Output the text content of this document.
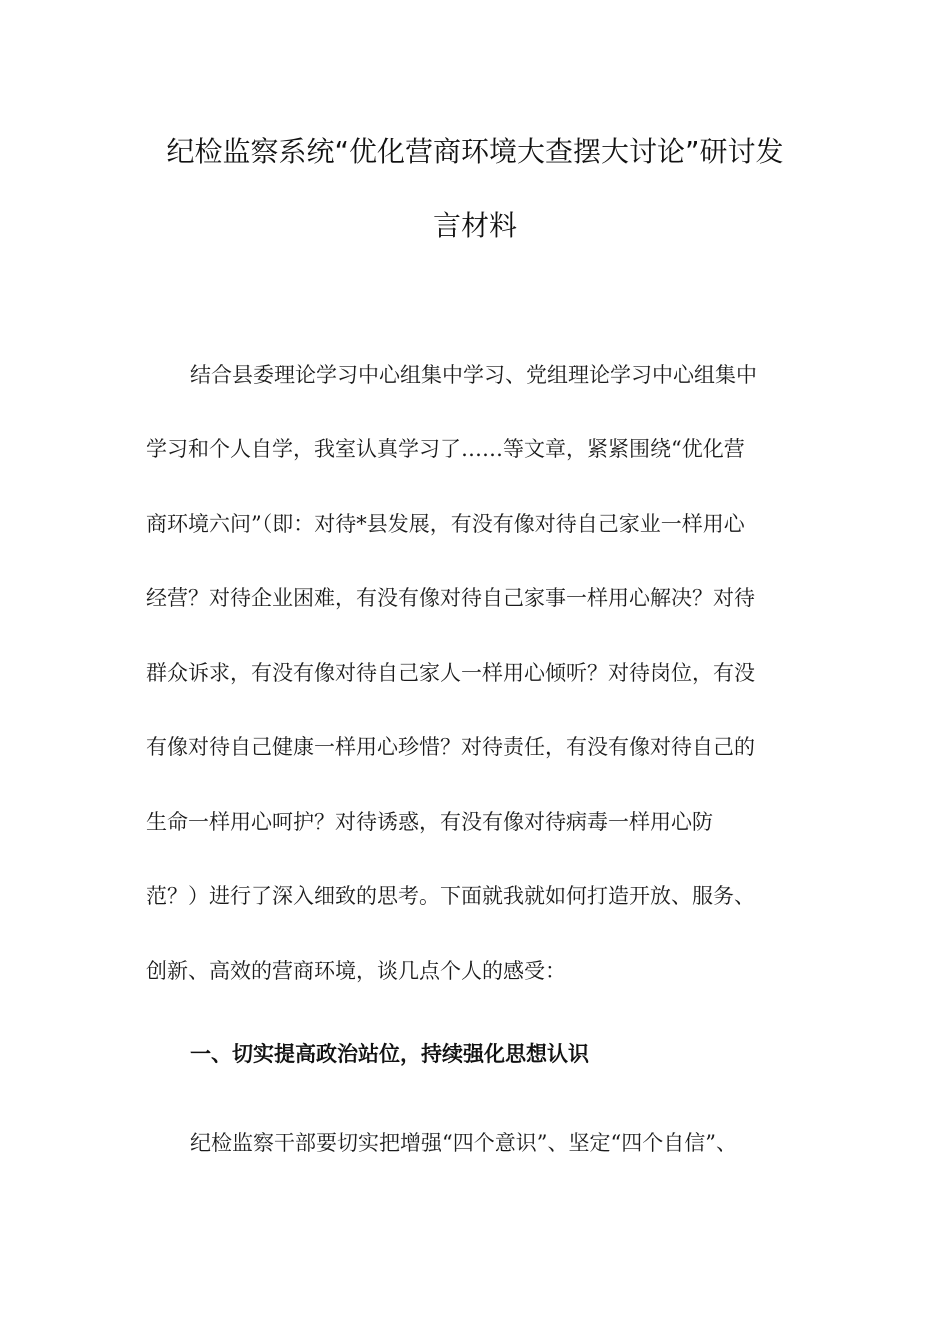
纪检监察系统“优化营商环境大查摆大讨论”研讨发
言材料
结合县委理论学习中心组集中学习、党组理论学习中心组集中
学习和个人自学，我室认真学习了……等文章，紧紧围绕“优化营
商环境六问”（即：对待*县发展，有没有像对待自己家业一样用心
经营？对待企业困难，有没有像对待自己家事一样用心解决？对待
群众诉求，有没有像对待自己家人一样用心倾听？对待岗位，有没
有像对待自己健康一样用心珍惜？对待责任，有没有像对待自己的
生命一样用心呵护？对待诱惑，有没有像对待病毒一样用心防
范？）进行了深入细致的思考。下面就我就如何打造开放、服务、
创新、高效的营商环境，谈几点个人的感受：
一、切实提高政治站位，持续强化思想认识
纪检监察干部要切实把增强“四个意识”、坚定“四个自信”、
